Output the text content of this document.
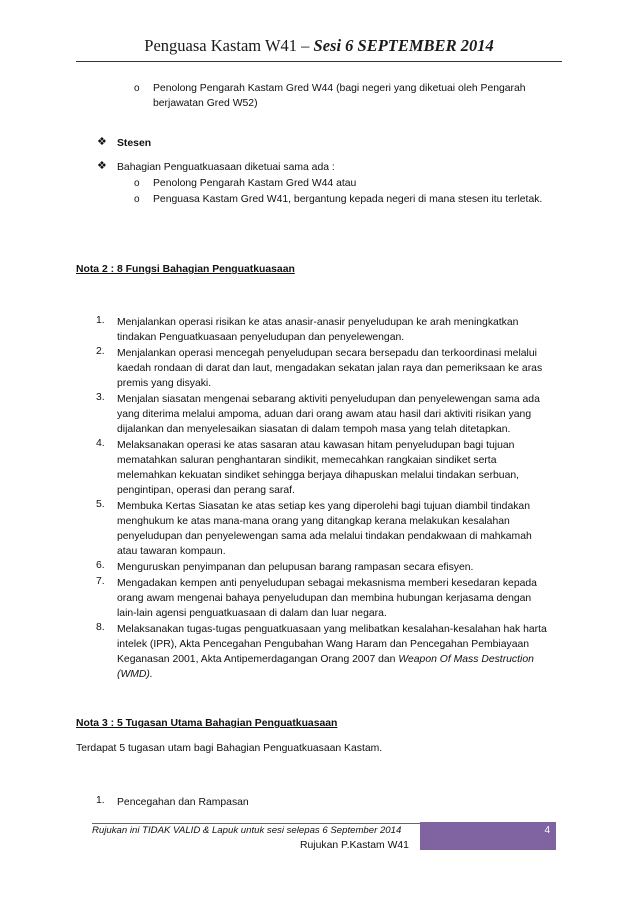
Penguasa Kastam W41 – Sesi 6 SEPTEMBER 2014
o Penolong Pengarah Kastam Gred W44 (bagi negeri yang diketuai oleh Pengarah
berjawatan Gred W52)
❖ Stesen
❖ Bahagian Penguatkuasaan diketuai sama ada :
o Penolong Pengarah Kastam Gred W44 atau
o Penguasa Kastam Gred W41, bergantung kepada negeri di mana stesen itu terletak.
Nota 2 : 8 Fungsi Bahagian Penguatkuasaan
1. Menjalankan operasi risikan ke atas anasir-anasir penyeludupan ke arah meningkatkan
tindakan Penguatkuasaan penyeludupan dan penyelewengan.
2. Menjalankan operasi mencegah penyeludupan secara bersepadu dan terkoordinasi melalui
kaedah rondaan di darat dan laut, mengadakan sekatan jalan raya dan pemeriksaan ke aras
premis yang disyaki.
3. Menjalan siasatan mengenai sebarang aktiviti penyeludupan dan penyelewengan sama ada
yang diterima melalui ampoma, aduan dari orang awam atau hasil dari aktiviti risikan yang
dijalankan dan menyelesaikan siasatan di dalam tempoh masa yang telah ditetapkan.
4. Melaksanakan operasi ke atas sasaran atau kawasan hitam penyeludupan bagi tujuan
mematahkan saluran penghantaran sindikit, memecahkan rangkaian sindiket serta
melemahkan kekuatan sindiket sehingga berjaya dihapuskan melalui tindakan serbuan,
pengintipan, operasi dan perang saraf.
5. Membuka Kertas Siasatan ke atas setiap kes yang diperolehi bagi tujuan diambil tindakan
menghukum ke atas mana-mana orang yang ditangkap kerana melakukan kesalahan
penyeludupan dan penyelewengan sama ada melalui tindakan pendakwaan di mahkamah
atau tawaran kompaun.
6. Menguruskan penyimpanan dan pelupusan barang rampasan secara efisyen.
7. Mengadakan kempen anti penyeludupan sebagai mekasnisma memberi kesedaran kepada
orang awam mengenai bahaya penyeludupan dan membina hubungan kerjasama dengan
lain-lain agensi penguatkuasaan di dalam dan luar negara.
8. Melaksanakan tugas-tugas penguatkuasaan yang melibatkan kesalahan-kesalahan hak harta
intelek (IPR), Akta Pencegahan Pengubahan Wang Haram dan Pencegahan Pembiayaan
Keganasan 2001, Akta Antipemerdagangan Orang 2007 dan Weapon Of Mass Destruction
(WMD).
Nota 3 : 5 Tugasan Utama Bahagian Penguatkuasaan
Terdapat 5 tugasan utam bagi Bahagian Penguatkuasaan Kastam.
1. Pencegahan dan Rampasan
Rujukan ini TIDAK VALID & Lapuk untuk sesi selepas 6 September 2014	4
Rujukan P.Kastam W41
